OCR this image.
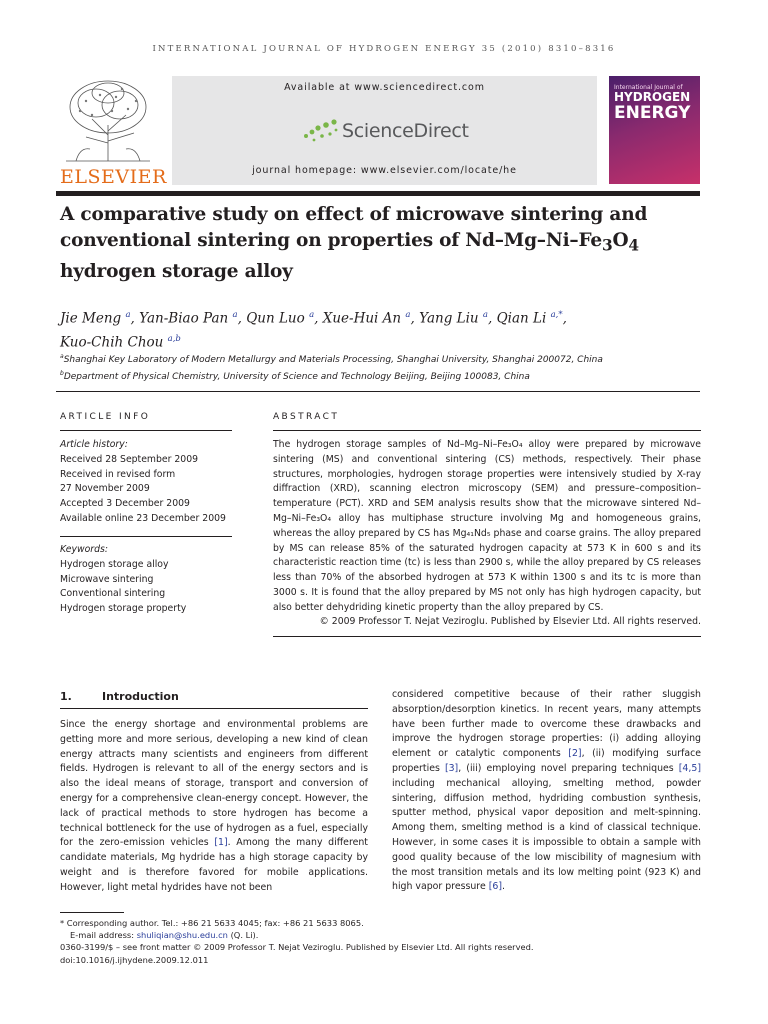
INTERNATIONAL JOURNAL OF HYDROGEN ENERGY 35 (2010) 8310–8316
ELSEVIER
Available at www.sciencedirect.com
ScienceDirect
journal homepage: www.elsevier.com/locate/he
International Journal of
HYDROGEN
ENERGY
A comparative study on effect of microwave sintering and
conventional sintering on properties of $Nd-Mg-Ni-Fe_3O_4$
hydrogen storage alloy
Jie Meng $^a$, Yan-Biao Pan $^a$, Qun Luo $^a$, Xue-Hui An $^a$, Yang Liu $^a$, Qian Li $^{a,*}$,
Kuo-Chih Chou $^{a,b}$
$^a$Shanghai Key Laboratory of Modern Metallurgy and Materials Processing, Shanghai University, Shanghai 200072, China
$^b$Department of Physical Chemistry, University of Science and Technology Beijing, Beijing 100083, China
ARTICLE INFO
Article history:
Received 28 September 2009
Received in revised form
27 November 2009
Accepted 3 December 2009
Available online 23 December 2009
Keywords:
Hydrogen storage alloy
Microwave sintering
Conventional sintering
Hydrogen storage property
ABSTRACT
The hydrogen storage samples of Nd–Mg–Ni–Fe₃O₄ alloy were prepared by microwave sintering (MS) and conventional sintering (CS) methods, respectively. Their phase structures, morphologies, hydrogen storage properties were intensively studied by X-ray diffraction (XRD), scanning electron microscopy (SEM) and pressure–composition–temperature (PCT). XRD and SEM analysis results show that the microwave sintered Nd–Mg–Ni–Fe₃O₄ alloy has multiphase structure involving Mg and homogeneous grains, whereas the alloy prepared by CS has Mg₄₁Nd₅ phase and coarse grains. The alloy prepared by MS can release 85% of the saturated hydrogen capacity at 573 K in 600 s and its characteristic reaction time (tc) is less than 2900 s, while the alloy prepared by CS releases less than 70% of the absorbed hydrogen at 573 K within 1300 s and its tc is more than 3000 s. It is found that the alloy prepared by MS not only has high hydrogen capacity, but also better dehydriding kinetic property than the alloy prepared by CS.
© 2009 Professor T. Nejat Veziroglu. Published by Elsevier Ltd. All rights reserved.
1.	Introduction
Since the energy shortage and environmental problems are getting more and more serious, developing a new kind of clean energy attracts many scientists and engineers from different fields. Hydrogen is relevant to all of the energy sectors and is also the ideal means of storage, transport and conversion of energy for a comprehensive clean-energy concept. However, the lack of practical methods to store hydrogen has become a technical bottleneck for the use of hydrogen as a fuel, especially for the zero-emission vehicles [1]. Among the many different candidate materials, Mg hydride has a high storage capacity by weight and is therefore favored for mobile applications. However, light metal hydrides have not been
considered competitive because of their rather sluggish absorption/desorption kinetics. In recent years, many attempts have been further made to overcome these drawbacks and improve the hydrogen storage properties: (i) adding alloying element or catalytic components [2], (ii) modifying surface properties [3], (iii) employing novel preparing techniques [4,5] including mechanical alloying, smelting method, powder sintering, diffusion method, hydriding combustion synthesis, sputter method, physical vapor deposition and melt-spinning. Among them, smelting method is a kind of classical technique. However, in some cases it is impossible to obtain a sample with good quality because of the low miscibility of magnesium with the most transition metals and its low melting point (923 K) and high vapor pressure [6].
* Corresponding author. Tel.: +86 21 5633 4045; fax: +86 21 5633 8065.
E-mail address: shuliqian@shu.edu.cn (Q. Li).
0360-3199/$ – see front matter © 2009 Professor T. Nejat Veziroglu. Published by Elsevier Ltd. All rights reserved.
doi:10.1016/j.ijhydene.2009.12.011
